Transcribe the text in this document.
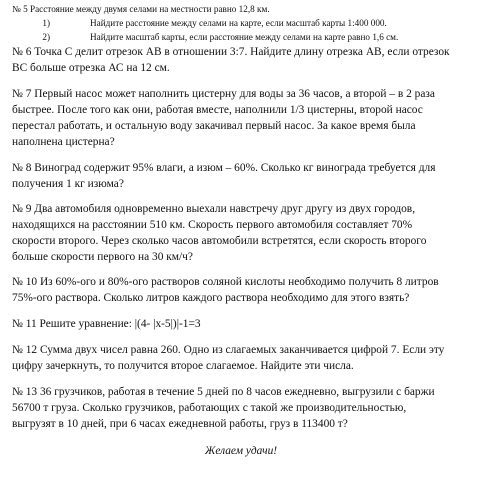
№ 5 Расстояние между двумя селами на местности равно 12,8 км.
1)	Найдите расстояние между селами на карте, если масштаб карты 1:400 000.
2)	Найдите масштаб карты, если расстояние между селами на карте равно 1,6 см.
№ 6 Точка С делит отрезок АВ в отношении 3:7. Найдите длину отрезка АВ, если отрезок
ВС больше отрезка АС на 12 см.
№ 7 Первый насос может наполнить цистерну для воды за 36 часов, а второй – в 2 раза
быстрее. После того как они, работая вместе, наполнили 1/3 цистерны, второй насос
перестал работать, и остальную воду закачивал первый насос. За какое время была
наполнена цистерна?
№ 8 Виноград содержит 95% влаги, а изюм – 60%. Сколько кг винограда требуется для
получения 1 кг изюма?
№ 9 Два автомобиля одновременно выехали навстречу друг другу из двух городов,
находящихся на расстоянии 510 км. Скорость первого автомобиля составляет 70%
скорости второго. Через сколько часов автомобили встретятся, если скорость второго
больше скорости первого на 30 км/ч?
№ 10 Из 60%-ого и 80%-ого растворов соляной кислоты необходимо получить 8 литров
75%-ого раствора. Сколько литров каждого раствора необходимо для этого взять?
№ 11 Решите уравнение: |(4- |x-5|)|-1=3
№ 12 Сумма двух чисел равна 260. Одно из слагаемых заканчивается цифрой 7. Если эту
цифру зачеркнуть, то получится второе слагаемое. Найдите эти числа.
№ 13 36 грузчиков, работая в течение 5 дней по 8 часов ежедневно, выгрузили с баржи
56700 т груза. Сколько грузчиков, работающих с такой же производительностью,
выгрузят в 10 дней, при 6 часах ежедневной работы, груз в 113400 т?
Желаем удачи!
